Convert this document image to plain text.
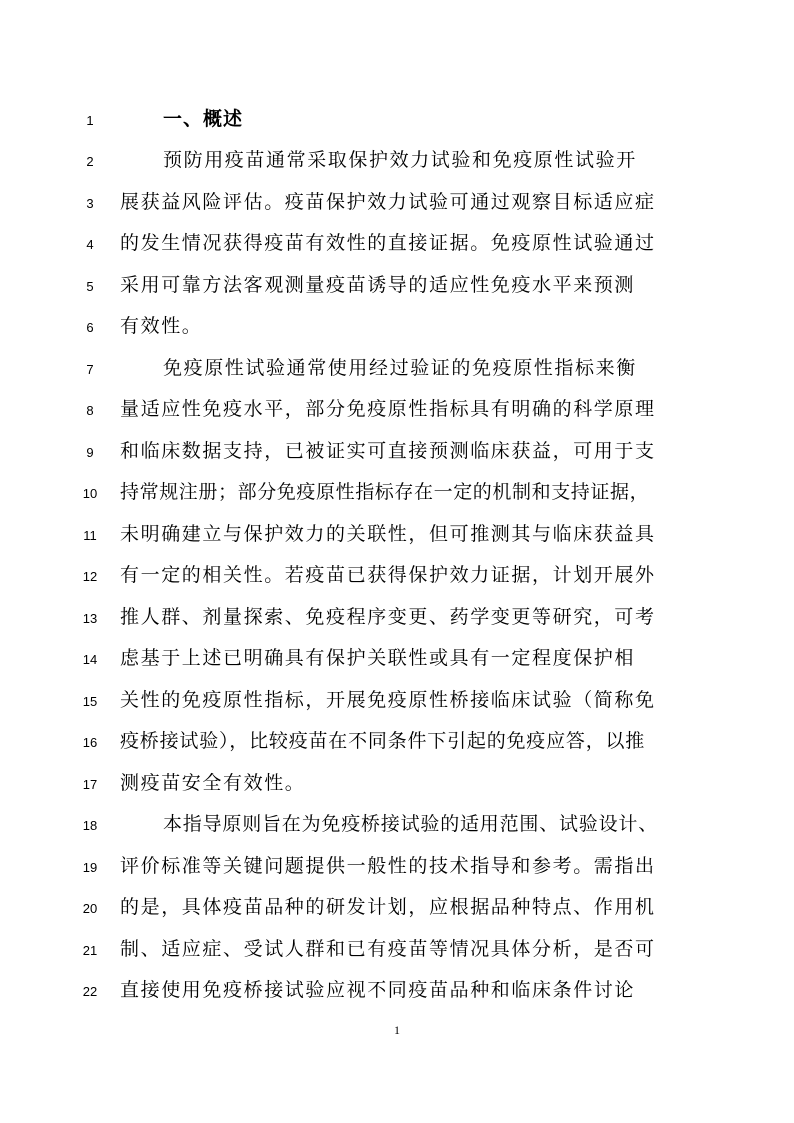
1
2
3
4
5
6
7
8
9
10
11
12
13
14
15
16
17
18
19
20
21
22
一、概述
预防用疫苗通常采取保护效力试验和免疫原性试验开
展获益风险评估。疫苗保护效力试验可通过观察目标适应症
的发生情况获得疫苗有效性的直接证据。免疫原性试验通过
采用可靠方法客观测量疫苗诱导的适应性免疫水平来预测
有效性。
免疫原性试验通常使用经过验证的免疫原性指标来衡
量适应性免疫水平，部分免疫原性指标具有明确的科学原理
和临床数据支持，已被证实可直接预测临床获益，可用于支
持常规注册；部分免疫原性指标存在一定的机制和支持证据，
未明确建立与保护效力的关联性，但可推测其与临床获益具
有一定的相关性。若疫苗已获得保护效力证据，计划开展外
推人群、剂量探索、免疫程序变更、药学变更等研究，可考
虑基于上述已明确具有保护关联性或具有一定程度保护相
关性的免疫原性指标，开展免疫原性桥接临床试验（简称免
疫桥接试验），比较疫苗在不同条件下引起的免疫应答，以推
测疫苗安全有效性。
本指导原则旨在为免疫桥接试验的适用范围、试验设计、
评价标准等关键问题提供一般性的技术指导和参考。需指出
的是，具体疫苗品种的研发计划，应根据品种特点、作用机
制、适应症、受试人群和已有疫苗等情况具体分析，是否可
直接使用免疫桥接试验应视不同疫苗品种和临床条件讨论
1
